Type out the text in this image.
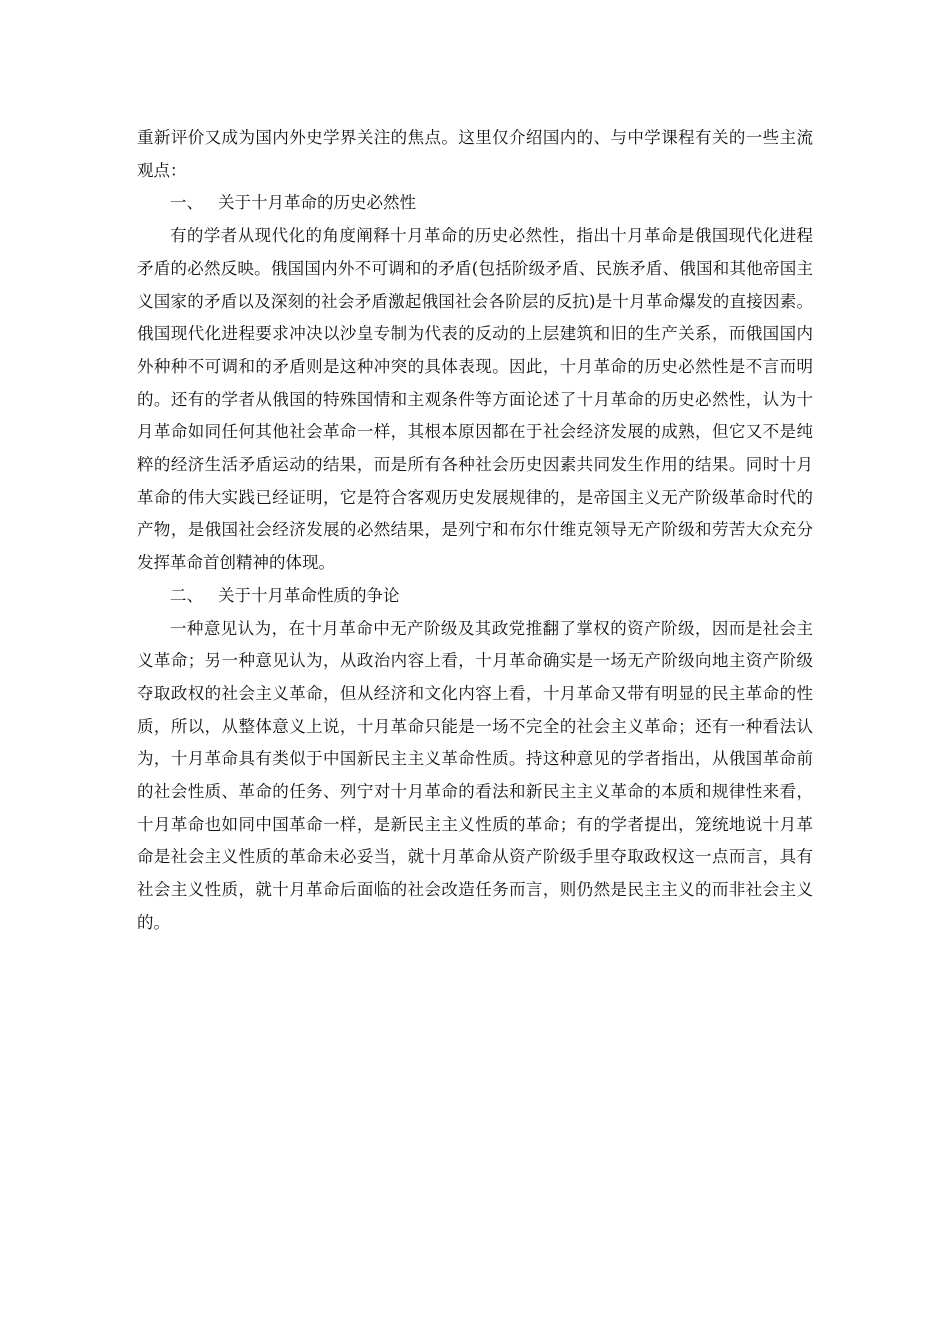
重新评价又成为国内外史学界关注的焦点。这里仅介绍国内的、与中学课程有关的一些主流观点：

一、 关于十月革命的历史必然性

有的学者从现代化的角度阐释十月革命的历史必然性，指出十月革命是俄国现代化进程矛盾的必然反映。俄国国内外不可调和的矛盾(包括阶级矛盾、民族矛盾、俄国和其他帝国主义国家的矛盾以及深刻的社会矛盾激起俄国社会各阶层的反抗)是十月革命爆发的直接因素。俄国现代化进程要求冲决以沙皇专制为代表的反动的上层建筑和旧的生产关系，而俄国国内外种种不可调和的矛盾则是这种冲突的具体表现。因此，十月革命的历史必然性是不言而明的。还有的学者从俄国的特殊国情和主观条件等方面论述了十月革命的历史必然性，认为十月革命如同任何其他社会革命一样，其根本原因都在于社会经济发展的成熟，但它又不是纯粹的经济生活矛盾运动的结果，而是所有各种社会历史因素共同发生作用的结果。同时十月革命的伟大实践已经证明，它是符合客观历史发展规律的，是帝国主义无产阶级革命时代的产物，是俄国社会经济发展的必然结果，是列宁和布尔什维克领导无产阶级和劳苦大众充分发挥革命首创精神的体现。

二、 关于十月革命性质的争论

一种意见认为，在十月革命中无产阶级及其政党推翻了掌权的资产阶级，因而是社会主义革命；另一种意见认为，从政治内容上看，十月革命确实是一场无产阶级向地主资产阶级夺取政权的社会主义革命，但从经济和文化内容上看，十月革命又带有明显的民主革命的性质，所以，从整体意义上说，十月革命只能是一场不完全的社会主义革命；还有一种看法认为，十月革命具有类似于中国新民主主义革命性质。持这种意见的学者指出，从俄国革命前的社会性质、革命的任务、列宁对十月革命的看法和新民主主义革命的本质和规律性来看，十月革命也如同中国革命一样，是新民主主义性质的革命；有的学者提出，笼统地说十月革命是社会主义性质的革命未必妥当，就十月革命从资产阶级手里夺取政权这一点而言，具有社会主义性质，就十月革命后面临的社会改造任务而言，则仍然是民主主义的而非社会主义的。
